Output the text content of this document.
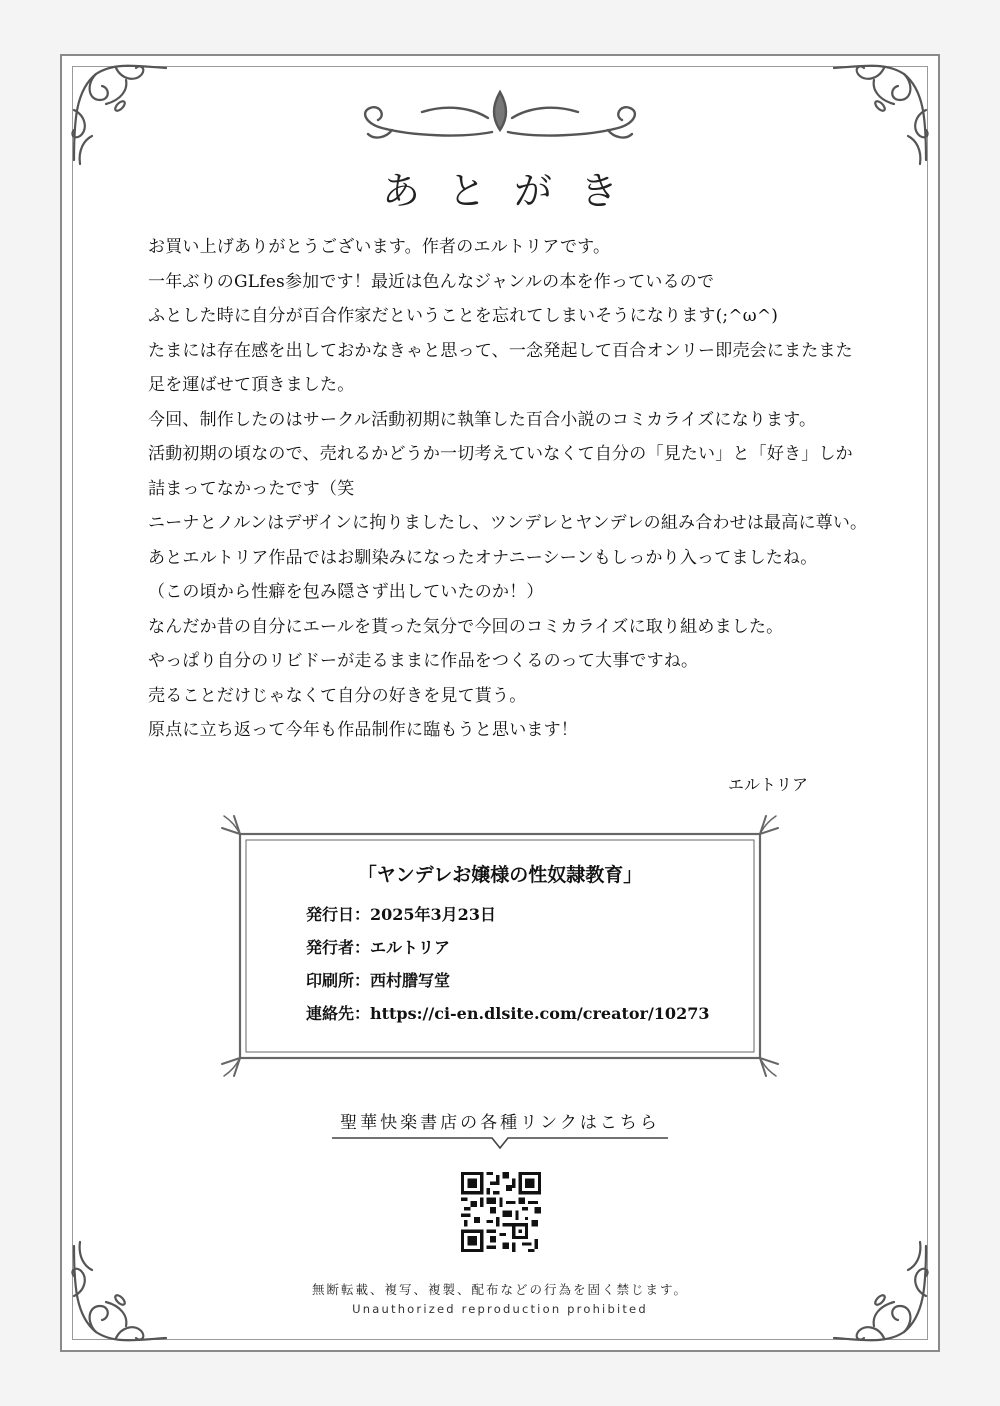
あとがき

お買い上げありがとうございます。作者のエルトリアです。

一年ぶりのGLfes参加です！最近は色んなジャンルの本を作っているので

ふとした時に自分が百合作家だということを忘れてしまいそうになります(;^ω^)

たまには存在感を出しておかなきゃと思って、一念発起して百合オンリー即売会にまたまた

足を運ばせて頂きました。

今回、制作したのはサークル活動初期に執筆した百合小説のコミカライズになります。

活動初期の頃なので、売れるかどうか一切考えていなくて自分の「見たい」と「好き」しか

詰まってなかったです（笑

ニーナとノルンはデザインに拘りましたし、ツンデレとヤンデレの組み合わせは最高に尊い。

あとエルトリア作品ではお馴染みになったオナニーシーンもしっかり入ってましたね。

（この頃から性癖を包み隠さず出していたのか！）

なんだか昔の自分にエールを貰った気分で今回のコミカライズに取り組めました。

やっぱり自分のリビドーが走るままに作品をつくるのって大事ですね。

売ることだけじゃなくて自分の好きを見て貰う。

原点に立ち返って今年も作品制作に臨もうと思います！

エルトリア
「ヤンデレお嬢様の性奴隷教育」
発行日：2025年3月23日
発行者：エルトリア
印刷所：西村謄写堂
連絡先：https://ci-en.dlsite.com/creator/10273
聖華快楽書店の各種リンクはこちら
無断転載、複写、複製、配布などの行為を固く禁じます。
Unauthorized reproduction prohibited
